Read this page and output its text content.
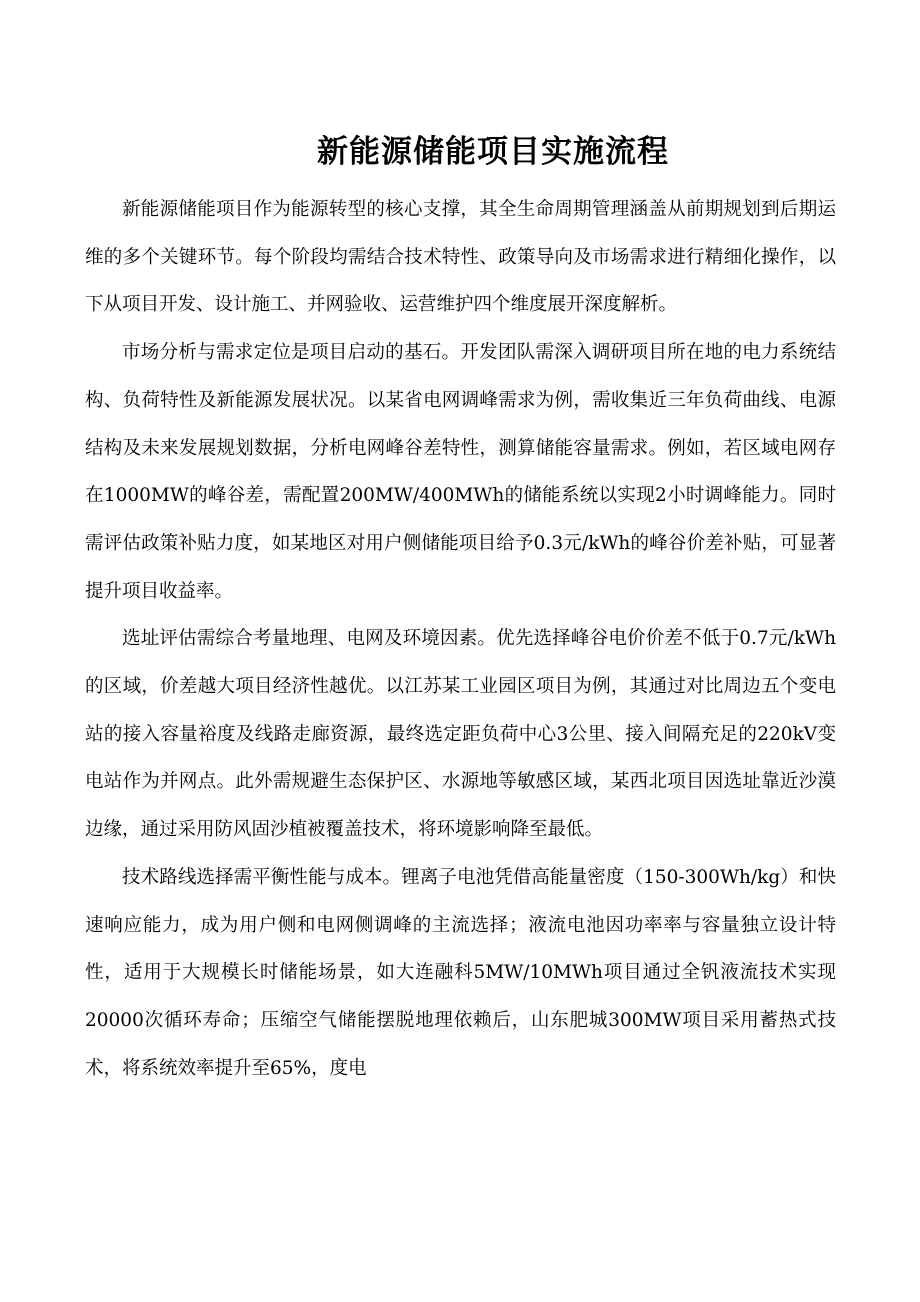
新能源储能项目实施流程

新能源储能项目作为能源转型的核心支撑，其全生命周期管理涵盖从前期规划到后期运维的多个关键环节。每个阶段均需结合技术特性、政策导向及市场需求进行精细化操作，以下从项目开发、设计施工、并网验收、运营维护四个维度展开深度解析。

市场分析与需求定位是项目启动的基石。开发团队需深入调研项目所在地的电力系统结构、负荷特性及新能源发展状况。以某省电网调峰需求为例，需收集近三年负荷曲线、电源结构及未来发展规划数据，分析电网峰谷差特性，测算储能容量需求。例如，若区域电网存在1000MW的峰谷差，需配置200MW/400MWh的储能系统以实现2小时调峰能力。同时需评估政策补贴力度，如某地区对用户侧储能项目给予0.3元/kWh的峰谷价差补贴，可显著提升项目收益率。

选址评估需综合考量地理、电网及环境因素。优先选择峰谷电价价差不低于0.7元/kWh的区域，价差越大项目经济性越优。以江苏某工业园区项目为例，其通过对比周边五个变电站的接入容量裕度及线路走廊资源，最终选定距负荷中心3公里、接入间隔充足的220kV变电站作为并网点。此外需规避生态保护区、水源地等敏感区域，某西北项目因选址靠近沙漠边缘，通过采用防风固沙植被覆盖技术，将环境影响降至最低。

技术路线选择需平衡性能与成本。锂离子电池凭借高能量密度（150-300Wh/kg）和快速响应能力，成为用户侧和电网侧调峰的主流选择；液流电池因功率率与容量独立设计特性，适用于大规模长时储能场景，如大连融科5MW/10MWh项目通过全钒液流技术实现20000次循环寿命；压缩空气储能摆脱地理依赖后，山东肥城300MW项目采用蓄热式技术，将系统效率提升至65%，度电
